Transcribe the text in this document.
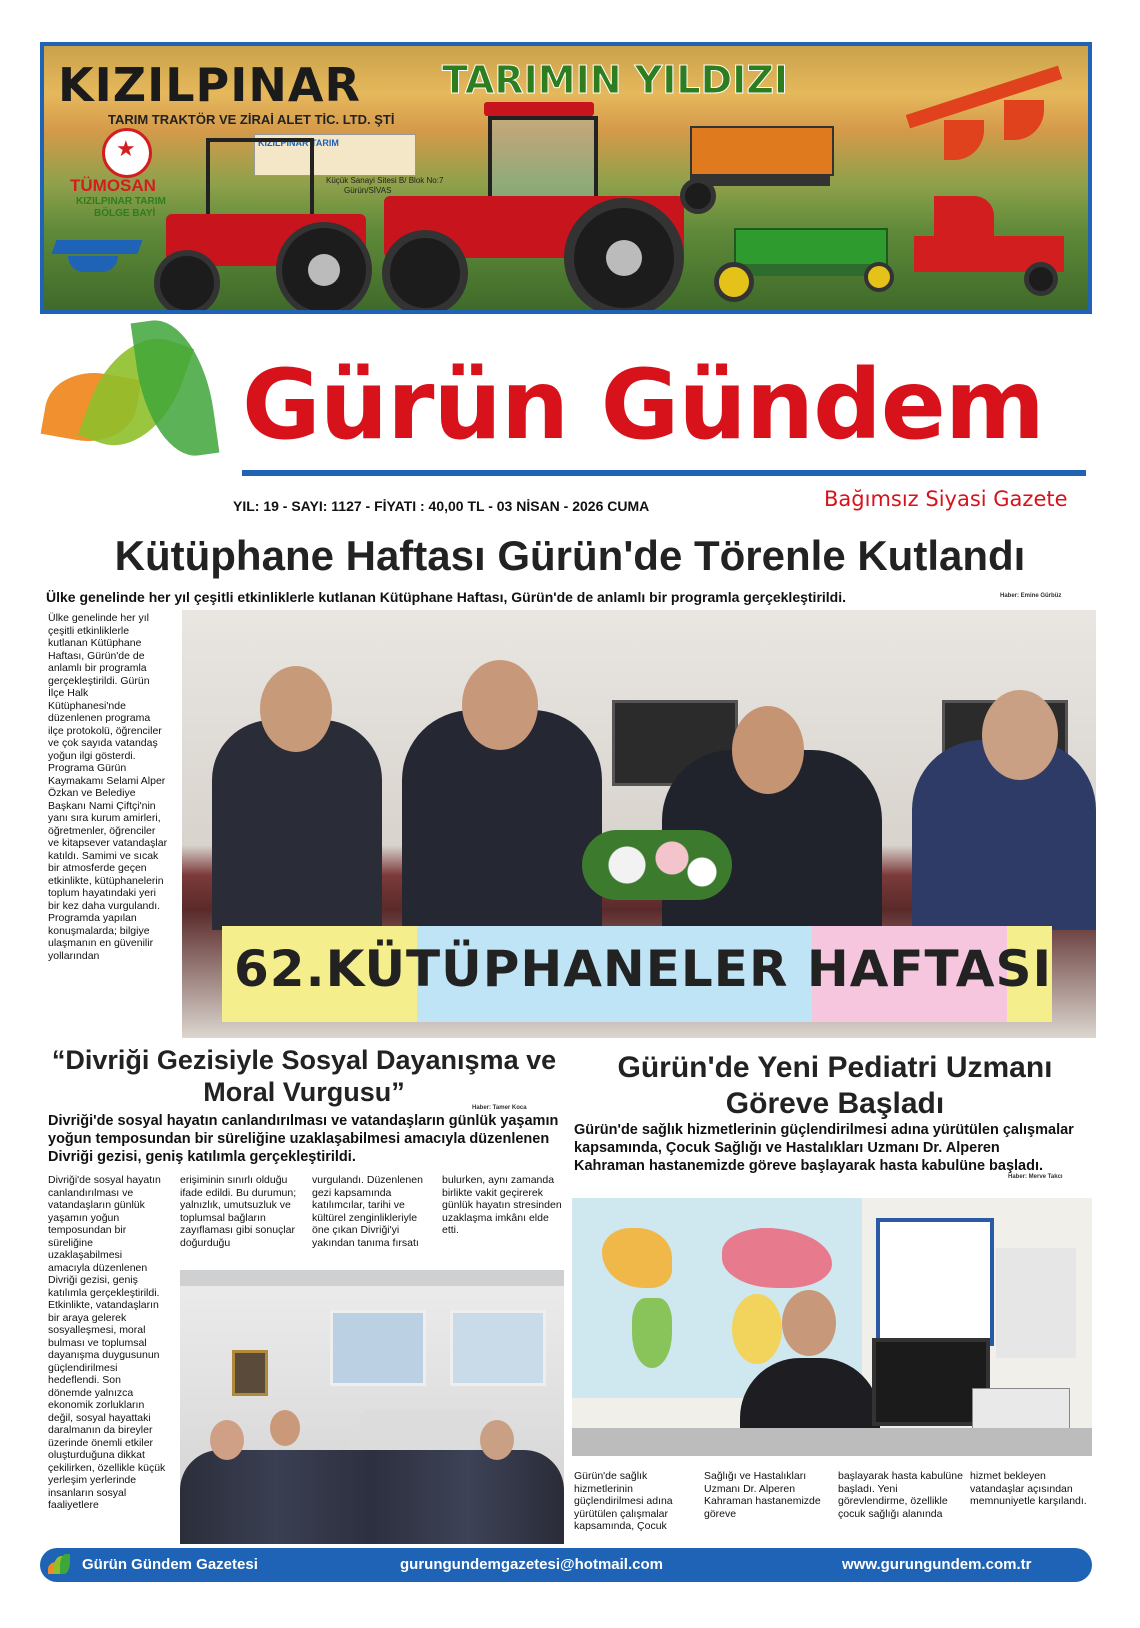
KIZILPINAR TARIMIN YILDIZI
TARIM TRAKTÖR VE ZİRAİ ALET TİC. LTD. ŞTİ
★
TÜMOSAN
KIZILPINAR TARIM
BÖLGE BAYİ
KIZILPINAR TARIM
Küçük Sanayi Sitesi B/ Blok No:7
Gürün/SİVAS
Gürün Gündem
YIL: 19 - SAYI: 1127 - FİYATI : 40,00 TL - 03 NİSAN - 2026 CUMA	Bağımsız Siyasi Gazete
Kütüphane Haftası Gürün'de Törenle Kutlandı
Ülke genelinde her yıl çeşitli etkinliklerle kutlanan Kütüphane Haftası, Gürün'de de anlamlı bir programla gerçekleştirildi.	Haber: Emine Gürbüz
Ülke genelinde her yıl çeşitli etkinliklerle kutlanan Kütüphane Haftası, Gürün'de de anlamlı bir programla gerçekleştirildi. Gürün İlçe Halk Kütüphanesi'nde düzenlenen programa ilçe protokolü, öğrenciler ve çok sayıda vatandaş yoğun ilgi gösterdi. Programa Gürün Kaymakamı Selami Alper Özkan ve Belediye Başkanı Nami Çiftçi'nin yanı sıra kurum amirleri, öğretmenler, öğrenciler ve kitapsever vatandaşlar katıldı. Samimi ve sıcak bir atmosferde geçen etkinlikte, kütüphanelerin toplum hayatındaki yeri bir kez daha vurgulandı. Programda yapılan konuşmalarda; bilgiye ulaşmanın en güvenilir yollarından	62.KÜTÜPHANELER HAFTASI
“Divriği Gezisiyle Sosyal Dayanışma ve Moral Vurgusu”
Haber: Tamer Koca
Divriği'de sosyal hayatın canlandırılması ve vatandaşların günlük yaşamın yoğun temposundan bir süreliğine uzaklaşabilmesi amacıyla düzenlenen Divriği gezisi, geniş katılımla gerçekleştirildi.
Divriği'de sosyal hayatın canlandırılması ve vatandaşların günlük yaşamın yoğun temposundan bir süreliğine uzaklaşabilmesi amacıyla düzenlenen Divriği gezisi, geniş katılımla gerçekleştirildi. Etkinlikte, vatandaşların bir araya gelerek sosyalleşmesi, moral bulması ve toplumsal dayanışma duygusunun güçlendirilmesi hedeflendi. Son dönemde yalnızca ekonomik zorlukların değil, sosyal hayattaki daralmanın da bireyler üzerinde önemli etkiler oluşturduğuna dikkat çekilirken, özellikle küçük yerleşim yerlerinde insanların sosyal faaliyetlere
erişiminin sınırlı olduğu ifade edildi. Bu durumun; yalnızlık, umutsuzluk ve toplumsal bağların zayıflaması gibi sonuçlar doğurduğu
vurgulandı. Düzenlenen gezi kapsamında katılımcılar, tarihi ve kültürel zenginlikleriyle öne çıkan Divriği'yi yakından tanıma fırsatı
bulurken, aynı zamanda birlikte vakit geçirerek günlük hayatın stresinden uzaklaşma imkânı elde etti.
Gürün'de Yeni Pediatri Uzmanı Göreve Başladı
Gürün'de sağlık hizmetlerinin güçlendirilmesi adına yürütülen çalışmalar kapsamında, Çocuk Sağlığı ve Hastalıkları Uzmanı Dr. Alperen Kahraman hastanemizde göreve başlayarak hasta kabulüne başladı.
Haber: Merve Takcı
Gürün'de sağlık hizmetlerinin güçlendirilmesi adına yürütülen çalışmalar kapsamında, Çocuk
Sağlığı ve Hastalıkları Uzmanı Dr. Alperen Kahraman hastanemizde göreve
başlayarak hasta kabulüne başladı. Yeni görevlendirme, özellikle çocuk sağlığı alanında
hizmet bekleyen vatandaşlar açısından memnuniyetle karşılandı.
Gürün Gündem Gazetesi	gurungundemgazetesi@hotmail.com	www.gurungundem.com.tr
